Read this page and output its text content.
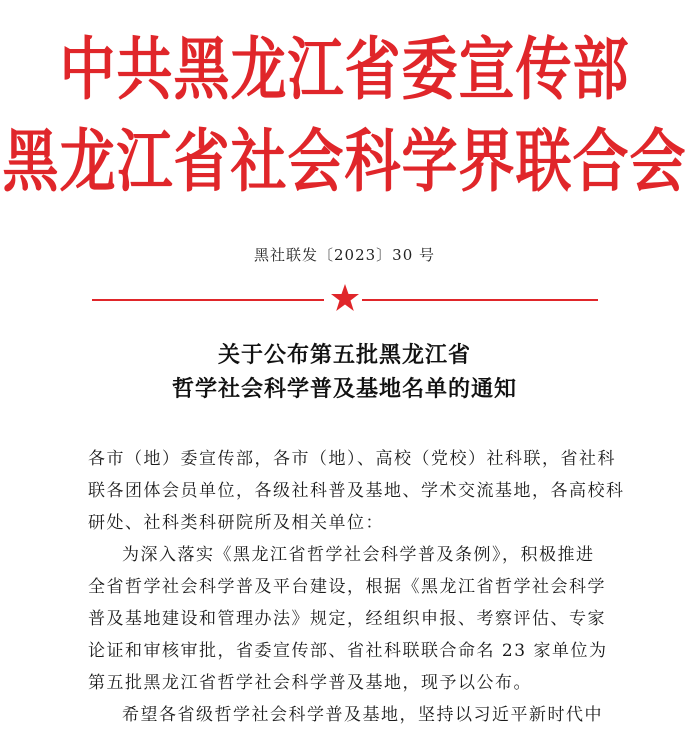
中共黑龙江省委宣传部
黑龙江省社会科学界联合会
黑社联发〔2023〕30 号
关于公布第五批黑龙江省
哲学社会科学普及基地名单的通知
各市（地）委宣传部，各市（地）、高校（党校）社科联，省社科
联各团体会员单位，各级社科普及基地、学术交流基地，各高校科
研处、社科类科研院所及相关单位：
为深入落实《黑龙江省哲学社会科学普及条例》，积极推进
全省哲学社会科学普及平台建设，根据《黑龙江省哲学社会科学
普及基地建设和管理办法》规定，经组织申报、考察评估、专家
论证和审核审批，省委宣传部、省社科联联合命名 23 家单位为
第五批黑龙江省哲学社会科学普及基地，现予以公布。
希望各省级哲学社会科学普及基地，坚持以习近平新时代中
